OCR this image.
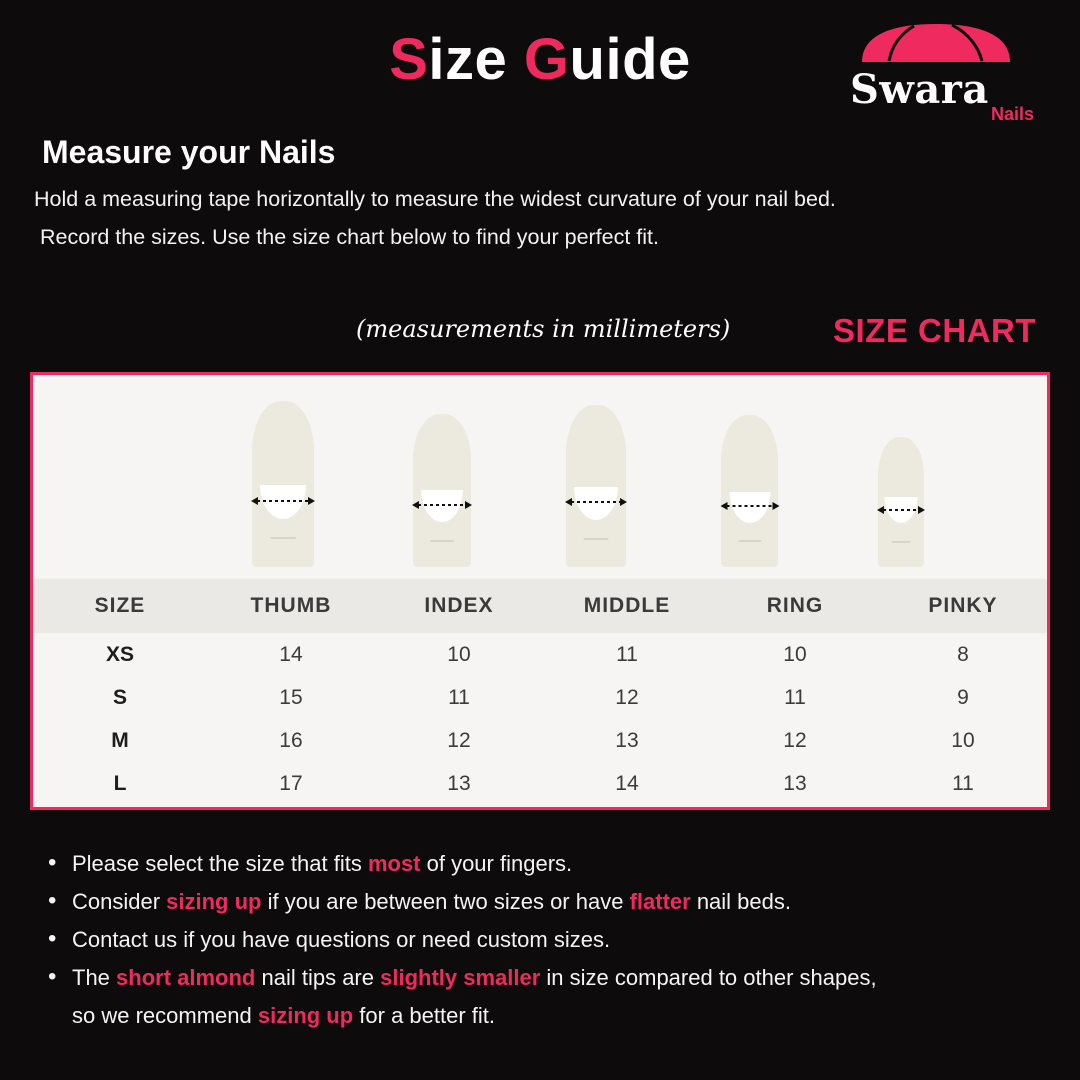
Size Guide	Swara
Nails
Measure your Nails
Hold a measuring tape horizontally to measure the widest curvature of your nail bed.
Record the sizes. Use the size chart below to find your perfect fit.
(measurements in millimeters)	SIZE CHART
SIZE	THUMB	INDEX	MIDDLE	RING	PINKY
XS	14	10	11	10	8
S	15	11	12	11	9
M	16	12	13	12	10
L	17	13	14	13	11
• Please select the size that fits most of your fingers.
• Consider sizing up if you are between two sizes or have flatter nail beds.
• Contact us if you have questions or need custom sizes.
• The short almond nail tips are slightly smaller in size compared to other shapes,
so we recommend sizing up for a better fit.
